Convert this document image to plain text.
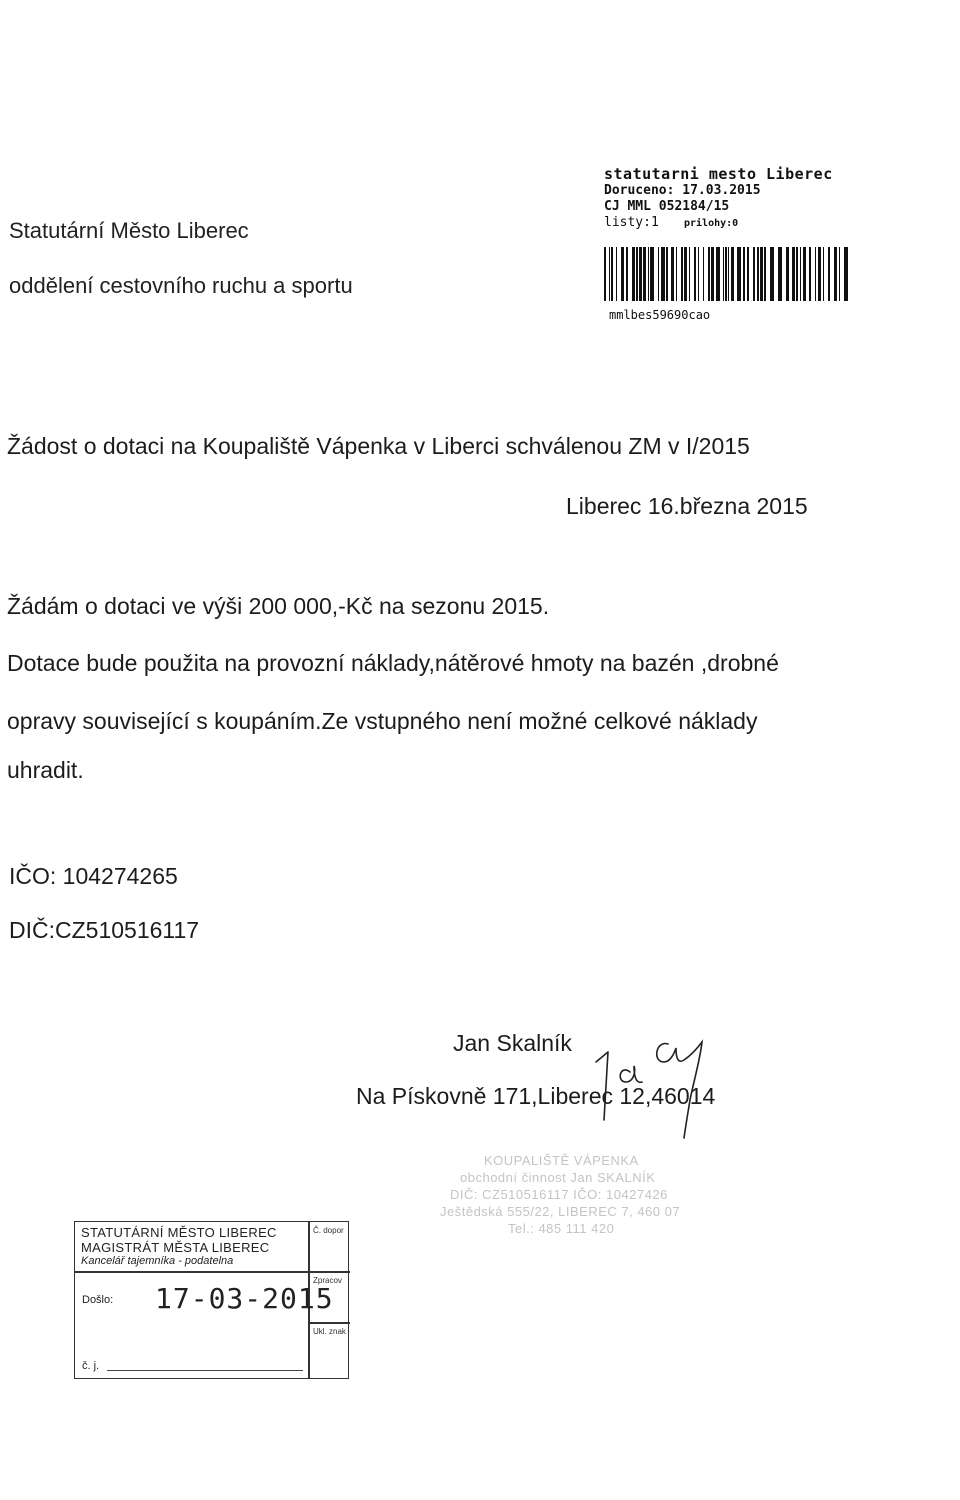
Statutární Město Liberec
oddělení cestovního ruchu a sportu
statutarni mesto Liberec
Doruceno: 17.03.2015
CJ MML 052184/15
listy:1	prilohy:0
mmlbes59690cao
Žádost o dotaci na Koupaliště Vápenka v Liberci schválenou ZM v I/2015
Liberec 16.března 2015
Žádám o dotaci ve výši 200 000,-Kč na sezonu 2015.
Dotace bude použita na provozní náklady,nátěrové hmoty na bazén ,drobné
opravy související s koupáním.Ze vstupného není možné celkové náklady
uhradit.
IČO: 104274265
DIČ:CZ510516117
Jan Skalník
Na Pískovně 171,Liberec 12,46014
KOUPALIŠTĚ VÁPENKA
obchodní činnost Jan SKALNÍK
DIČ: CZ510516117 IČO: 10427426
Ještědská 555/22, LIBEREC 7, 460 07
Tel.: 485 111 420
STATUTÁRNÍ MĚSTO LIBEREC
MAGISTRÁT MĚSTA LIBEREC
Kancelář tajemníka - podatelna
Č. dopor
Zpracov
Ukl. znak
Došlo: 17-03-2015
č. j.
